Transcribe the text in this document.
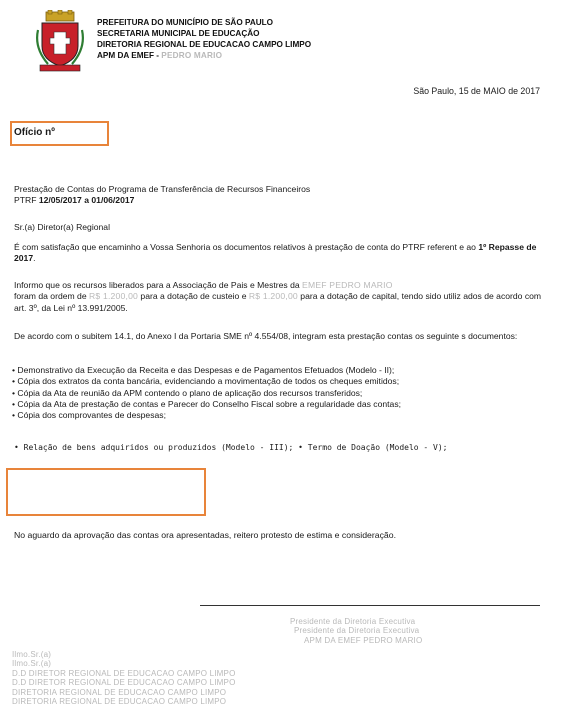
PREFEITURA DO MUNICÍPIO DE SÃO PAULO
SECRETARIA MUNICIPAL DE EDUCAÇÃO
DIRETORIA REGIONAL DE EDUCACAO CAMPO LIMPO
APM DA EMEF - PEDRO MARIO
São Paulo, 15 de MAIO de 2017
Ofício nº

Prestação de Contas do Programa de Transferência de Recursos Financeiros

PTRF 12/05/2017 a 01/06/2017

Sr.(a) Diretor(a) Regional

É com satisfação que encaminho a Vossa Senhoria os documentos relativos à prestação de conta do PTRF referent e ao 1º Repasse de 2017.

Informo que os recursos liberados para a Associação de Pais e Mestres da EMEF PEDRO MARIO
foram da ordem de R$ 1.200,00 para a dotação de custeio e R$ 1.200,00 para a dotação de capital, tendo sido utiliz ados de acordo com art. 3º, da Lei nº 13.991/2005.

De acordo com o subitem 14.1, do Anexo I da Portaria SME nº 4.554/08, integram esta prestação contas os seguinte s documentos:
• Demonstrativo da Execução da Receita e das Despesas e de Pagamentos Efetuados (Modelo - II);
• Cópia dos extratos da conta bancária, evidenciando a movimentação de todos os cheques emitidos;
• Cópia da Ata de reunião da APM contendo o plano de aplicação dos recursos transferidos;
• Cópia da Ata de prestação de contas e Parecer do Conselho Fiscal sobre a regularidade das contas;
• Cópia dos comprovantes de despesas;
• Relação de bens adquiridos ou produzidos (Modelo - III); • Termo de Doação (Modelo - V);
No aguardo da aprovação das contas ora apresentadas, reitero protesto de estima e consideração.
Presidente da Diretoria Executiva
Presidente da Diretoria Executiva
APM DA EMEF PEDRO MARIO
Ilmo.Sr.(a)
Ilmo.Sr.(a)
D.D DIRETOR REGIONAL DE EDUCACAO CAMPO LIMPO
D.D DIRETOR REGIONAL DE EDUCACAO CAMPO LIMPO
DIRETORIA REGIONAL DE EDUCACAO CAMPO LIMPO
DIRETORIA REGIONAL DE EDUCACAO CAMPO LIMPO
